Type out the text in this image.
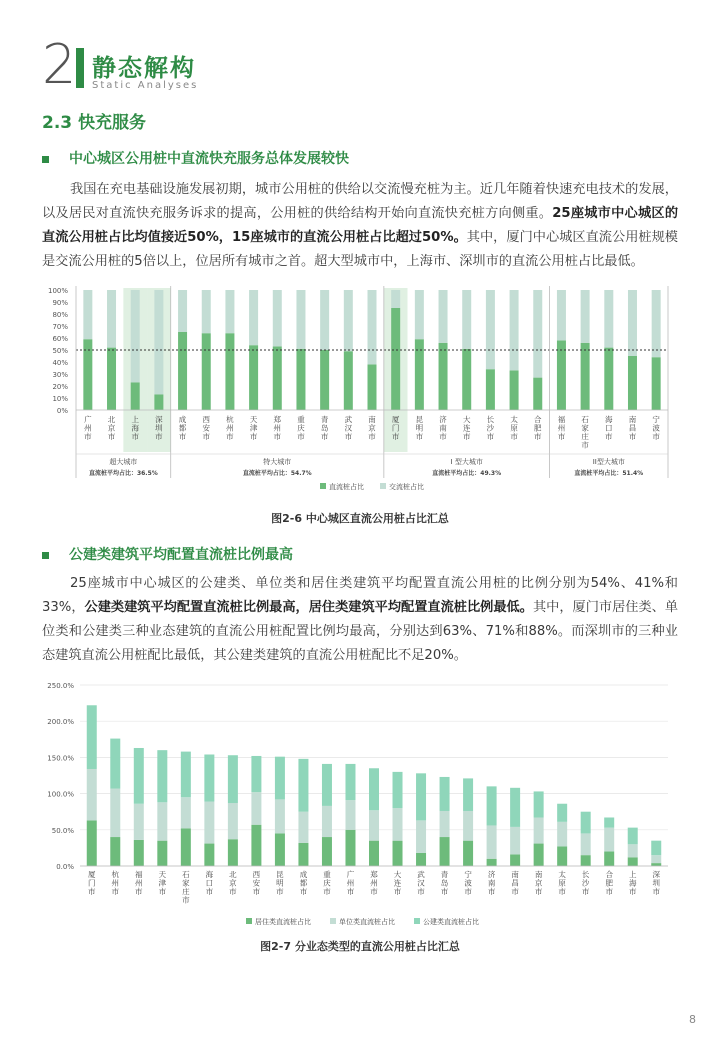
2 静态解构
Static Analyses
2.3 快充服务
中心城区公用桩中直流快充服务总体发展较快
我国在充电基础设施发展初期，城市公用桩的供给以交流慢充桩为主。近几年随着快速充电技术的发展，以及居民对直流快充服务诉求的提高，公用桩的供给结构开始向直流快充桩方向侧重。25座城市中心城区的直流公用桩占比均值接近50%，15座城市的直流公用桩占比超过50%。其中，厦门中心城区直流公用桩规模是交流公用桩的5倍以上，位居所有城市之首。超大型城市中，上海市、深圳市的直流公用桩占比最低。
100%
90%
80%
70%
60%
50%
40%
30%
20%
10%
0%
广州市
北京市
上海市
深圳市
成都市
西安市
杭州市
天津市
郑州市
重庆市
青岛市
武汉市
南京市
厦门市
昆明市
济南市
大连市
长沙市
太原市
合肥市
福州市
石家庄市
海口市
南昌市
宁波市
超大城市
直流桩平均占比：36.5%
特大城市
直流桩平均占比：54.7%
I 型大城市
直流桩平均占比：49.3%
II型大城市
直流桩平均占比：51.4%
直流桩占比	交流桩占比
图2-6 中心城区直流公用桩占比汇总
公建类建筑平均配置直流桩比例最高
25座城市中心城区的公建类、单位类和居住类建筑平均配置直流公用桩的比例分别为54%、41%和33%，公建类建筑平均配置直流桩比例最高，居住类建筑平均配置直流桩比例最低。其中，厦门市居住类、单位类和公建类三种业态建筑的直流公用桩配置比例均最高，分别达到63%、71%和88%。而深圳市的三种业态建筑直流公用桩配比最低，其公建类建筑的直流公用桩配比不足20%。
250.0%
200.0%
150.0%
100.0%
50.0%
0.0%
厦门市
杭州市
福州市
天津市
石家庄市
海口市
北京市
西安市
昆明市
成都市
重庆市
广州市
郑州市
大连市
武汉市
青岛市
宁波市
济南市
南昌市
南京市
太原市
长沙市
合肥市
上海市
深圳市
居住类直流桩占比	单位类直流桩占比	公建类直流桩占比
图2-7 分业态类型的直流公用桩占比汇总
8
